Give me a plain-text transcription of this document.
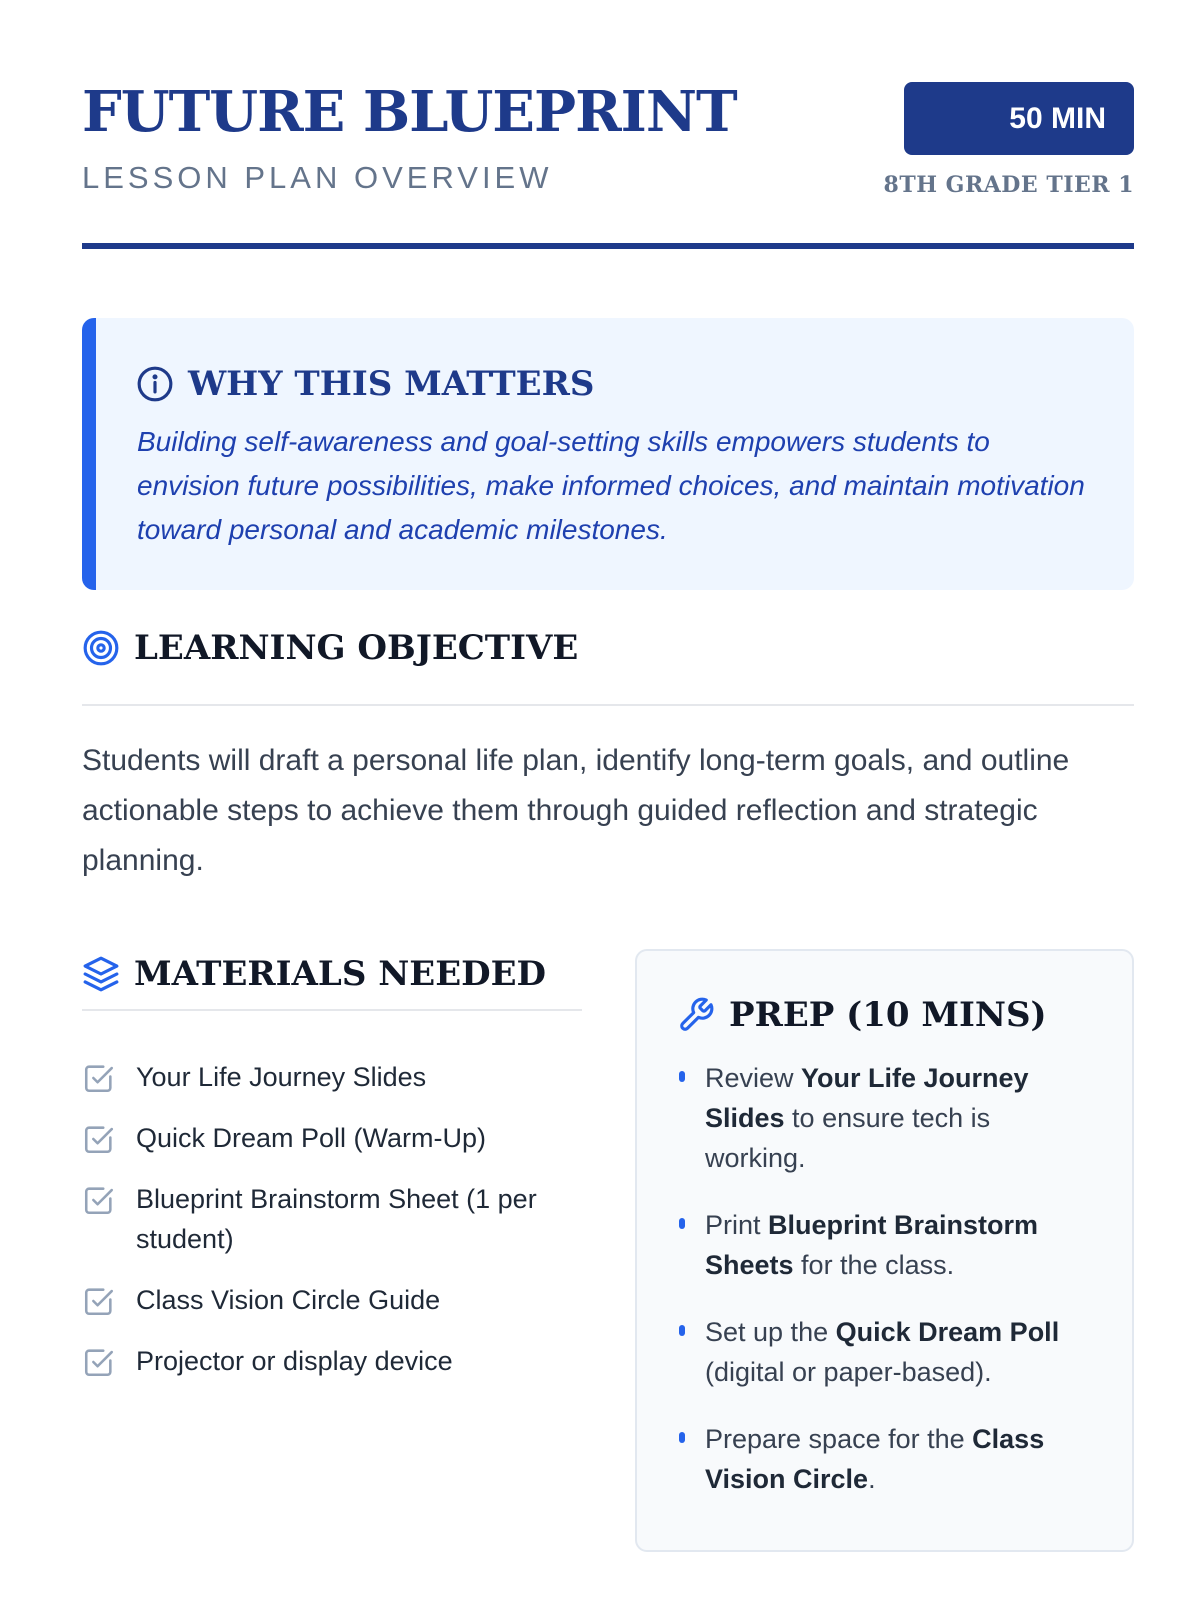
FUTURE BLUEPRINT
LESSON PLAN OVERVIEW
50 MIN
8TH GRADE TIER 1
WHY THIS MATTERS
Building self-awareness and goal-setting skills empowers students to envision future possibilities, make informed choices, and maintain motivation toward personal and academic milestones.
LEARNING OBJECTIVE
Students will draft a personal life plan, identify long-term goals, and outline actionable steps to achieve them through guided reflection and strategic planning.
MATERIALS NEEDED
Your Life Journey Slides
Quick Dream Poll (Warm-Up)
Blueprint Brainstorm Sheet (1 per student)
Class Vision Circle Guide
Projector or display device
PREP (10 MINS)
Review Your Life Journey Slides to ensure tech is working.
Print Blueprint Brainstorm Sheets for the class.
Set up the Quick Dream Poll (digital or paper-based).
Prepare space for the Class Vision Circle.
